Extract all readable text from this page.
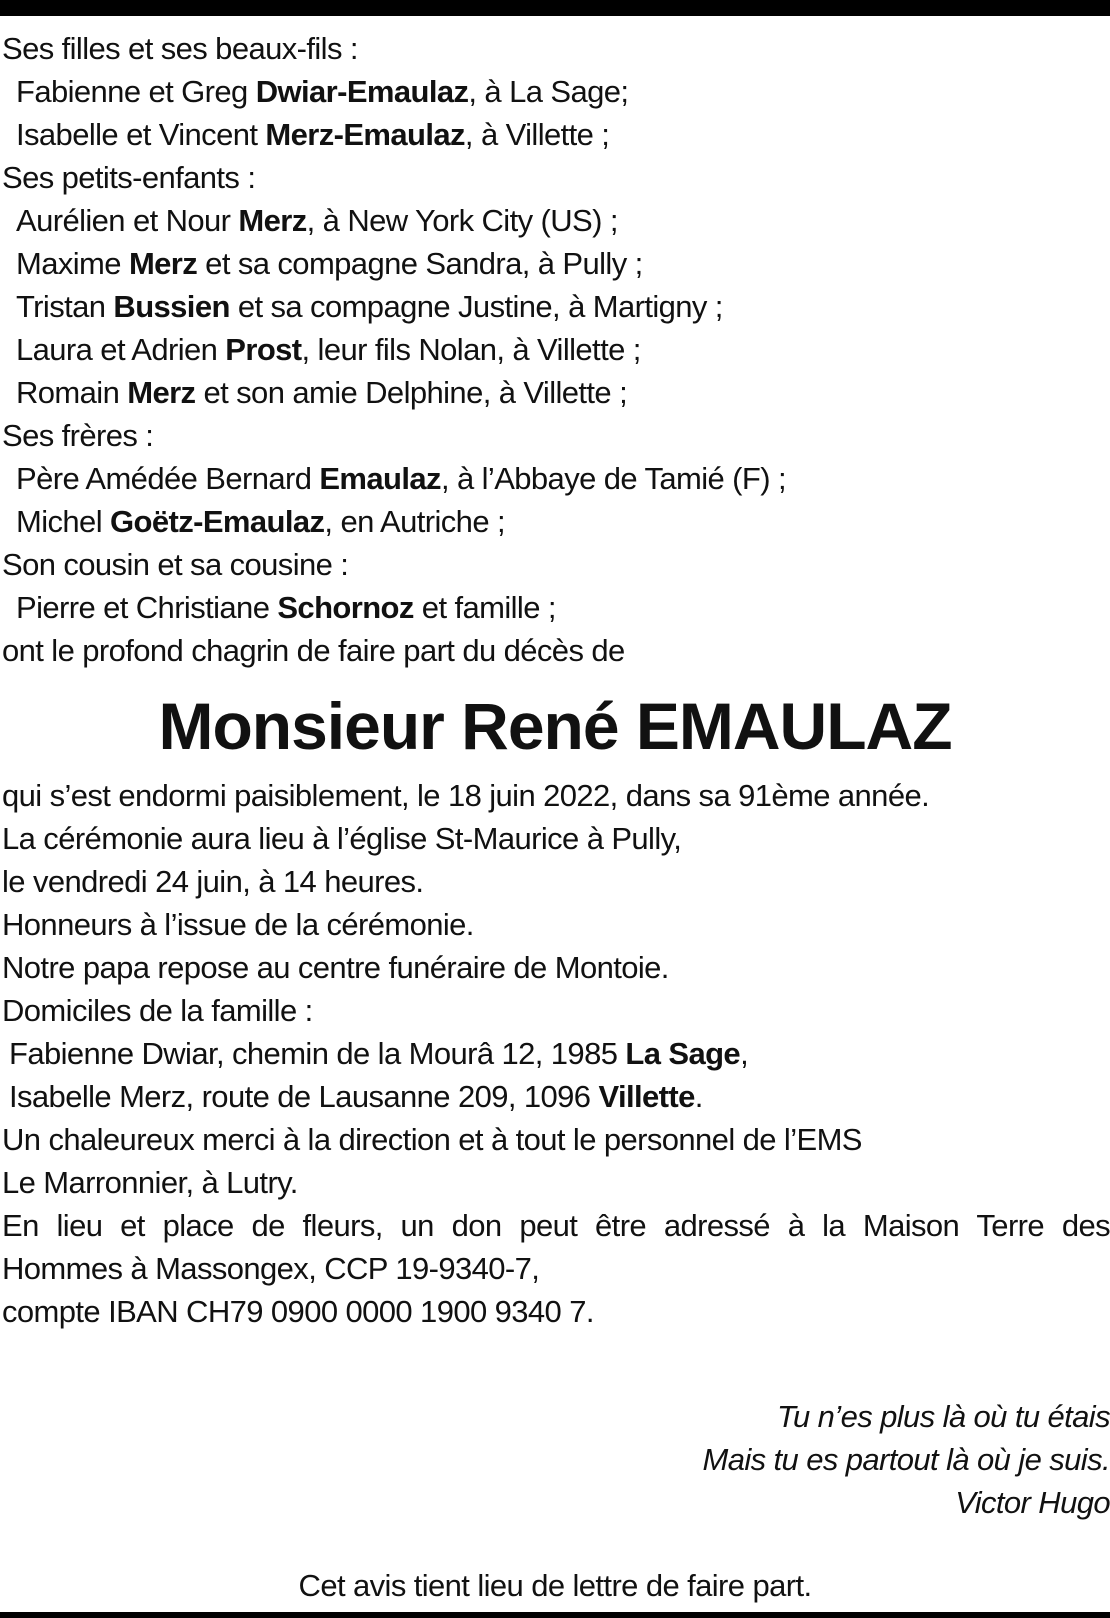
Ses filles et ses beaux-fils :
Fabienne et Greg Dwiar-Emaulaz, à La Sage;
Isabelle et Vincent Merz-Emaulaz, à Villette ;
Ses petits-enfants :
Aurélien et Nour Merz, à New York City (US) ;
Maxime Merz et sa compagne Sandra, à Pully ;
Tristan Bussien et sa compagne Justine, à Martigny ;
Laura et Adrien Prost, leur fils Nolan, à Villette ;
Romain Merz et son amie Delphine, à Villette ;
Ses frères :
Père Amédée Bernard Emaulaz, à l’Abbaye de Tamié (F) ;
Michel Goëtz-Emaulaz, en Autriche ;
Son cousin et sa cousine :
Pierre et Christiane Schornoz et famille ;
ont le profond chagrin de faire part du décès de
Monsieur René EMAULAZ
qui s’est endormi paisiblement, le 18 juin 2022, dans sa 91ème année.
La cérémonie aura lieu à l’église St-Maurice à Pully,
le vendredi 24 juin, à 14 heures.
Honneurs à l’issue de la cérémonie.
Notre papa repose au centre funéraire de Montoie.
Domiciles de la famille :
Fabienne Dwiar, chemin de la Mourâ 12, 1985 La Sage,
Isabelle Merz, route de Lausanne 209, 1096 Villette.
Un chaleureux merci à la direction et à tout le personnel de l’EMS
Le Marronnier, à Lutry.
En lieu et place de fleurs, un don peut être adressé à la Maison Terre des
Hommes à Massongex, CCP 19-9340-7,
compte IBAN CH79 0900 0000 1900 9340 7.
Tu n’es plus là où tu étais
Mais tu es partout là où je suis.
Victor Hugo
Cet avis tient lieu de lettre de faire part.
